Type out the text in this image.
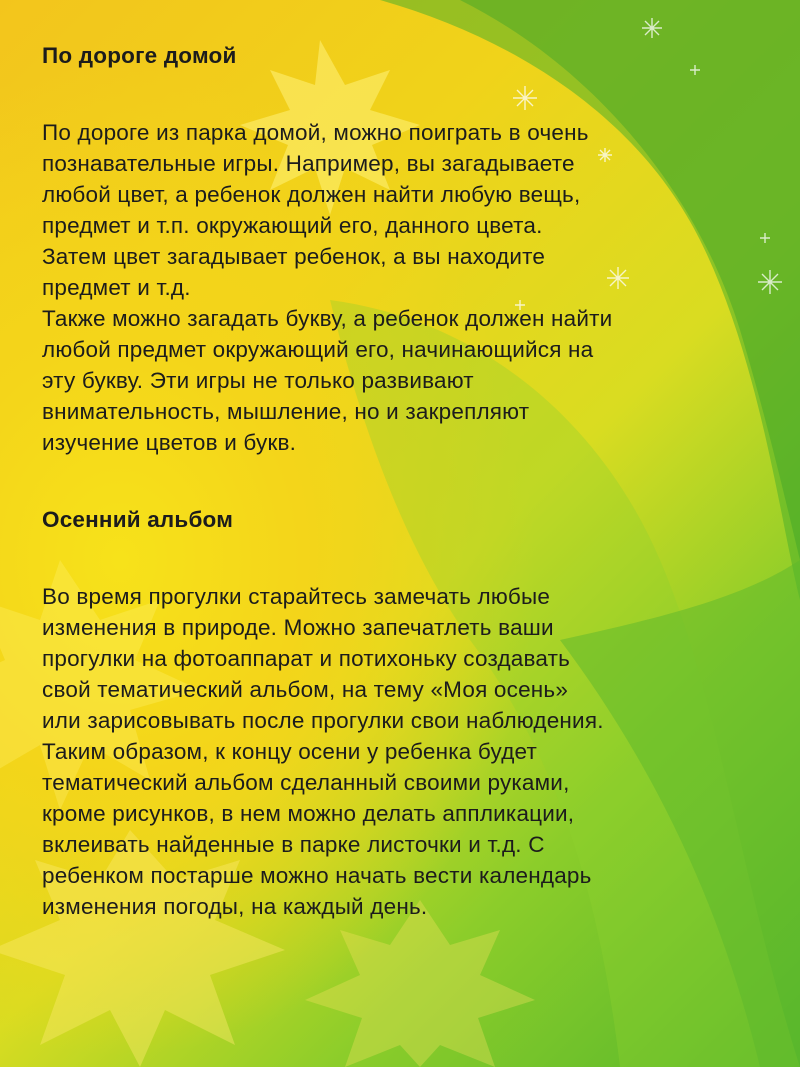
По дороге домой

По дороге из парка домой, можно поиграть в очень

познавательные игры. Например, вы загадываете

любой цвет, а ребенок должен найти любую вещь,

предмет и т.п. окружающий его, данного цвета.

Затем цвет загадывает ребенок, а вы находите

предмет и т.д.

Также можно загадать букву, а ребенок должен найти

любой предмет окружающий его, начинающийся на

эту букву. Эти игры не только развивают

внимательность, мышление, но и закрепляют

изучение цветов и букв.

Осенний альбом

Во время прогулки старайтесь замечать любые

изменения в природе. Можно запечатлеть ваши

прогулки на фотоаппарат и потихоньку создавать

свой тематический альбом, на тему «Моя осень»

или зарисовывать после прогулки свои наблюдения.

Таким образом, к концу осени у ребенка будет

тематический альбом сделанный своими руками,

кроме рисунков, в нем можно делать аппликации,

вклеивать найденные в парке листочки и т.д. С

ребенком постарше можно начать вести календарь

изменения погоды, на каждый день.
